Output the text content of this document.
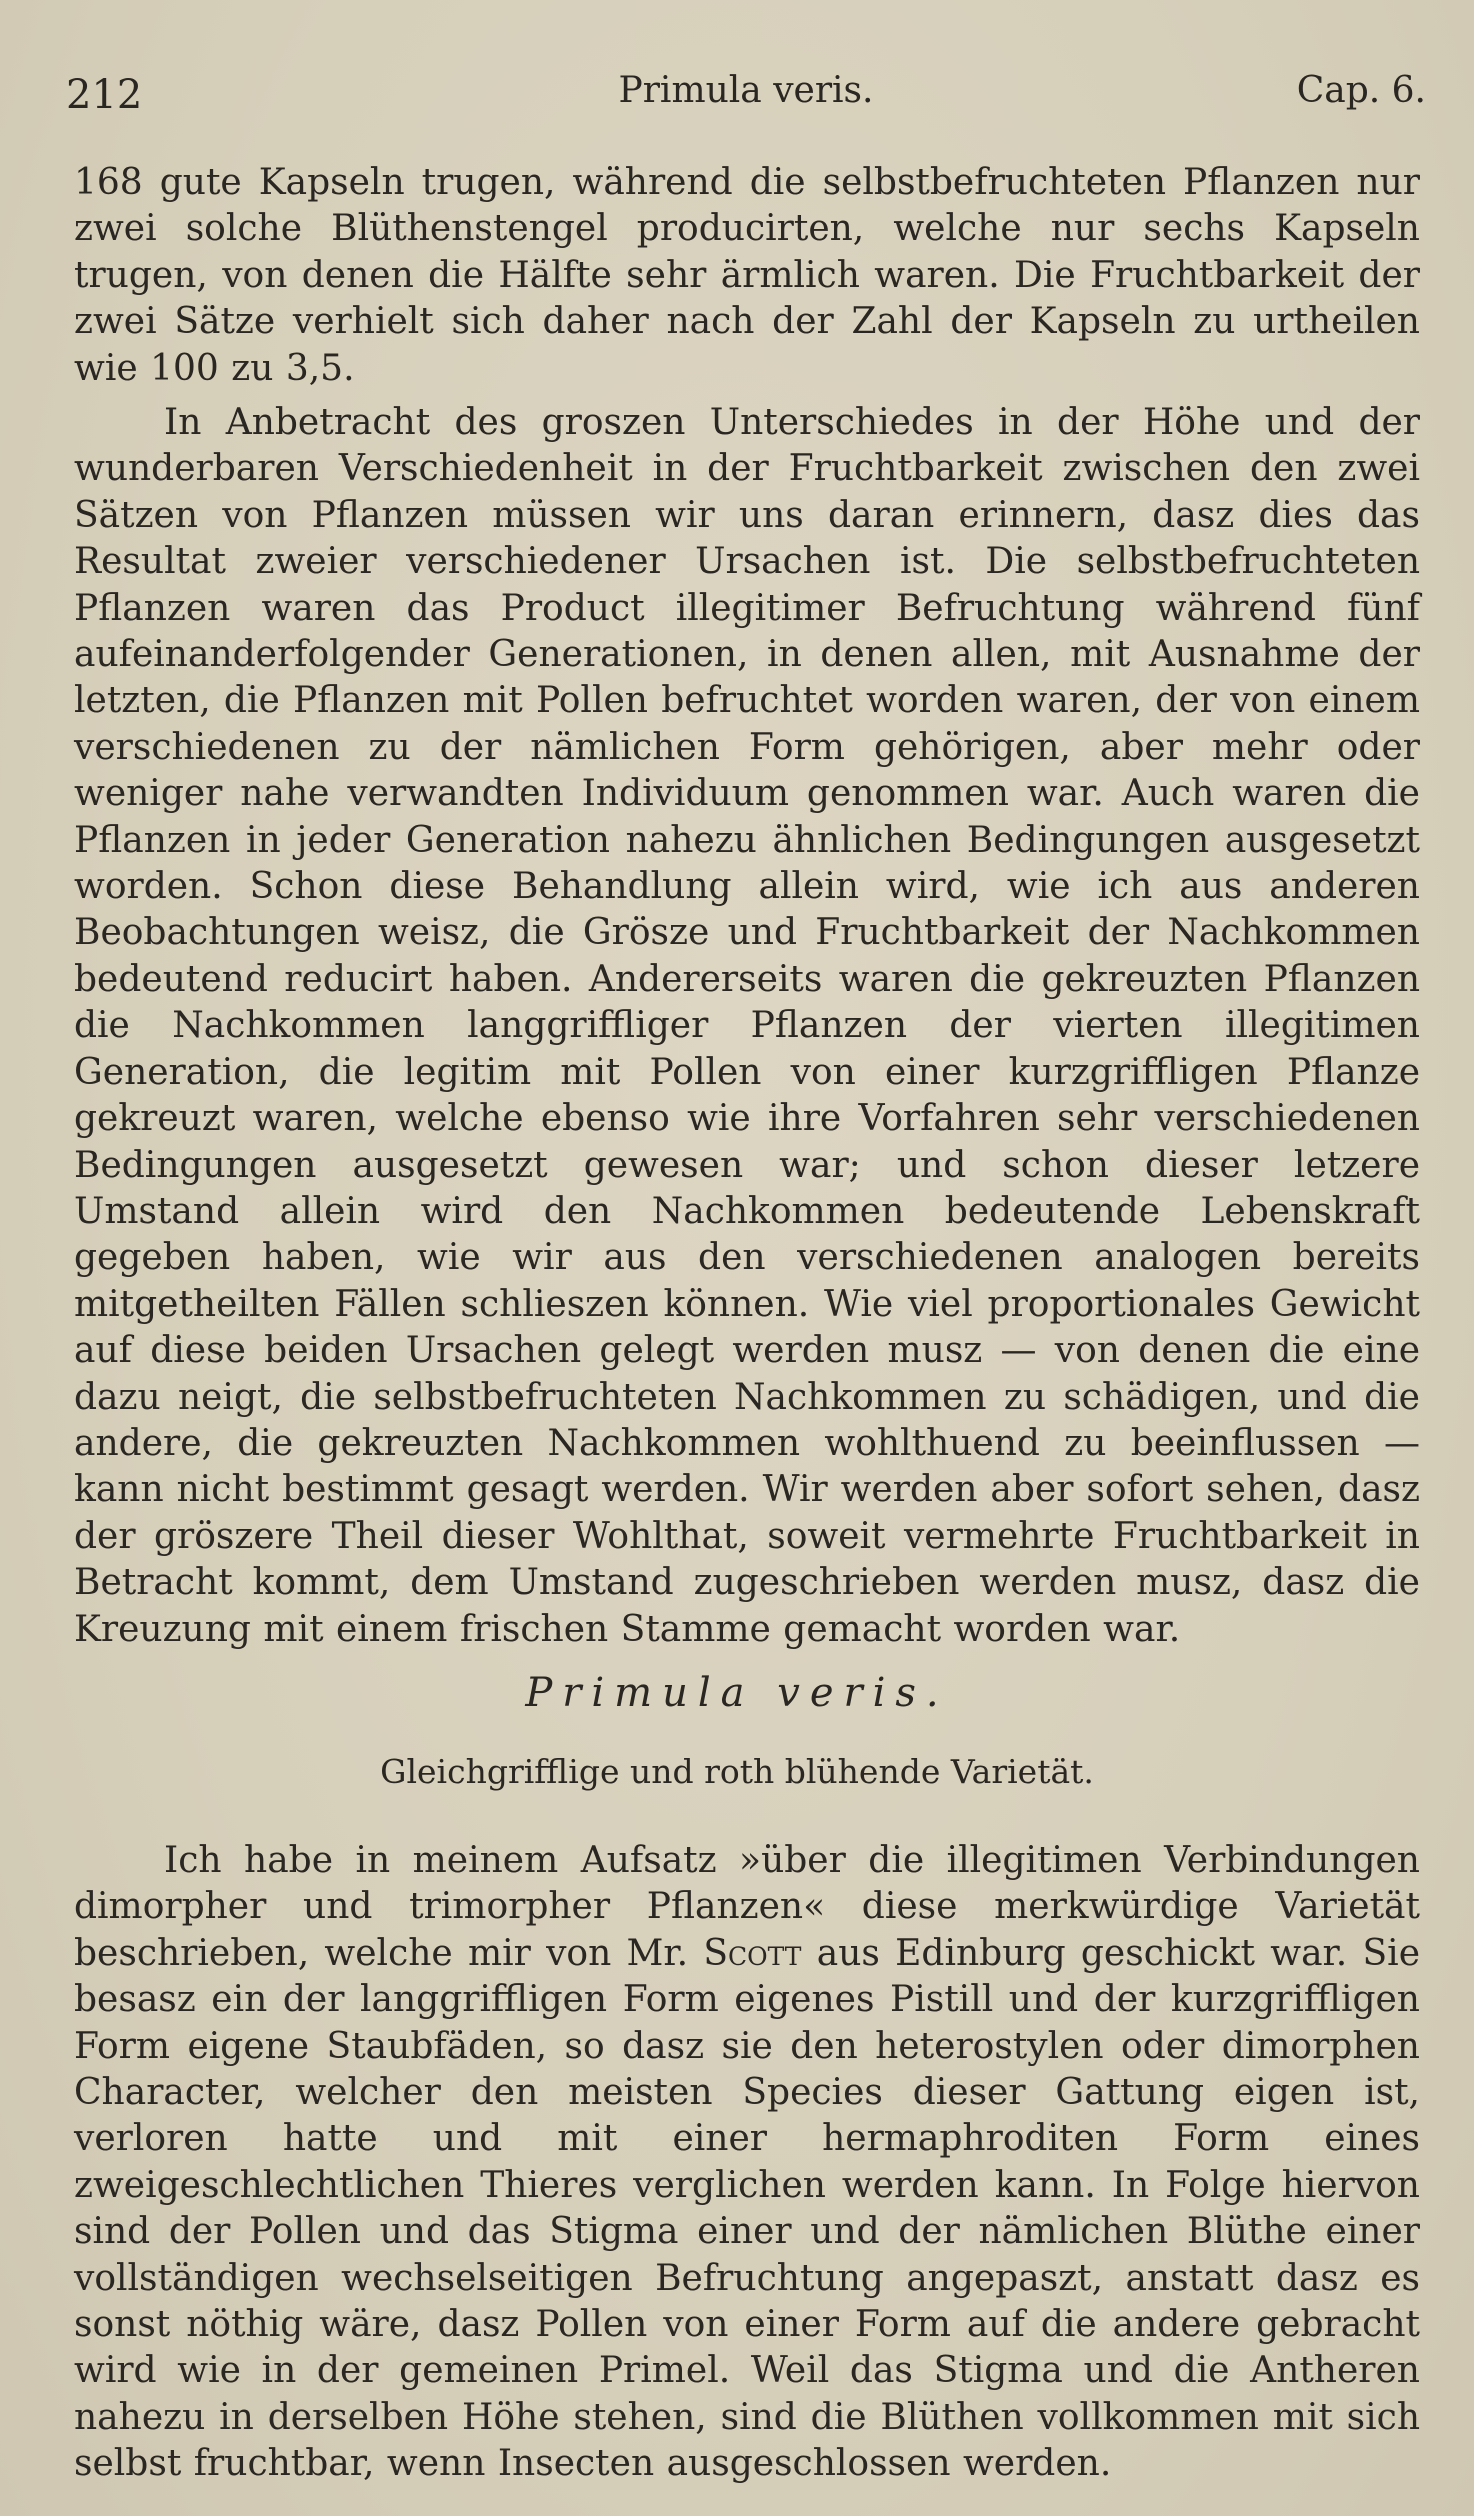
212	Primula veris.	Cap. 6.

168 gute Kapseln trugen, während die selbstbefruchteten Pflanzen nur zwei solche Blüthenstengel producirten, welche nur sechs Kapseln trugen, von denen die Hälfte sehr ärmlich waren. Die Fruchtbarkeit der zwei Sätze verhielt sich daher nach der Zahl der Kapseln zu urtheilen wie 100 zu 3,5.

In Anbetracht des groszen Unterschiedes in der Höhe und der wunderbaren Verschiedenheit in der Fruchtbarkeit zwischen den zwei Sätzen von Pflanzen müssen wir uns daran erinnern, dasz dies das Resultat zweier verschiedener Ursachen ist. Die selbstbefruchteten Pflanzen waren das Product illegitimer Befruchtung während fünf aufeinanderfolgender Generationen, in denen allen, mit Ausnahme der letzten, die Pflanzen mit Pollen befruchtet worden waren, der von einem verschiedenen zu der nämlichen Form gehörigen, aber mehr oder weniger nahe verwandten Individuum genommen war. Auch waren die Pflanzen in jeder Generation nahezu ähnlichen Bedingungen ausgesetzt worden. Schon diese Behandlung allein wird, wie ich aus anderen Beobachtungen weisz, die Grösze und Fruchtbarkeit der Nachkommen bedeutend reducirt haben. Andererseits waren die gekreuzten Pflanzen die Nachkommen langgriffliger Pflanzen der vierten illegitimen Generation, die legitim mit Pollen von einer kurzgriffligen Pflanze gekreuzt waren, welche ebenso wie ihre Vorfahren sehr verschiedenen Bedingungen ausgesetzt gewesen war; und schon dieser letzere Umstand allein wird den Nachkommen bedeutende Lebenskraft gegeben haben, wie wir aus den verschiedenen analogen bereits mitgetheilten Fällen schlieszen können. Wie viel proportionales Gewicht auf diese beiden Ursachen gelegt werden musz — von denen die eine dazu neigt, die selbstbefruchteten Nachkommen zu schädigen, und die andere, die gekreuzten Nachkommen wohlthuend zu beeinflussen — kann nicht bestimmt gesagt werden. Wir werden aber sofort sehen, dasz der gröszere Theil dieser Wohlthat, soweit vermehrte Fruchtbarkeit in Betracht kommt, dem Umstand zugeschrieben werden musz, dasz die Kreuzung mit einem frischen Stamme gemacht worden war.

Primula veris.
Gleichgrifflige und roth blühende Varietät.

Ich habe in meinem Aufsatz »über die illegitimen Verbindungen dimorpher und trimorpher Pflanzen« diese merkwürdige Varietät beschrieben, welche mir von Mr. Scott aus Edinburg geschickt war. Sie besasz ein der langgriffligen Form eigenes Pistill und der kurzgriffligen Form eigene Staubfäden, so dasz sie den heterostylen oder dimorphen Character, welcher den meisten Species dieser Gattung eigen ist, verloren hatte und mit einer hermaphroditen Form eines zweigeschlechtlichen Thieres verglichen werden kann. In Folge hiervon sind der Pollen und das Stigma einer und der nämlichen Blüthe einer vollständigen wechselseitigen Befruchtung angepaszt, anstatt dasz es sonst nöthig wäre, dasz Pollen von einer Form auf die andere gebracht wird wie in der gemeinen Primel. Weil das Stigma und die Antheren nahezu in derselben Höhe stehen, sind die Blüthen vollkommen mit sich selbst fruchtbar, wenn Insecten ausgeschlossen werden.
